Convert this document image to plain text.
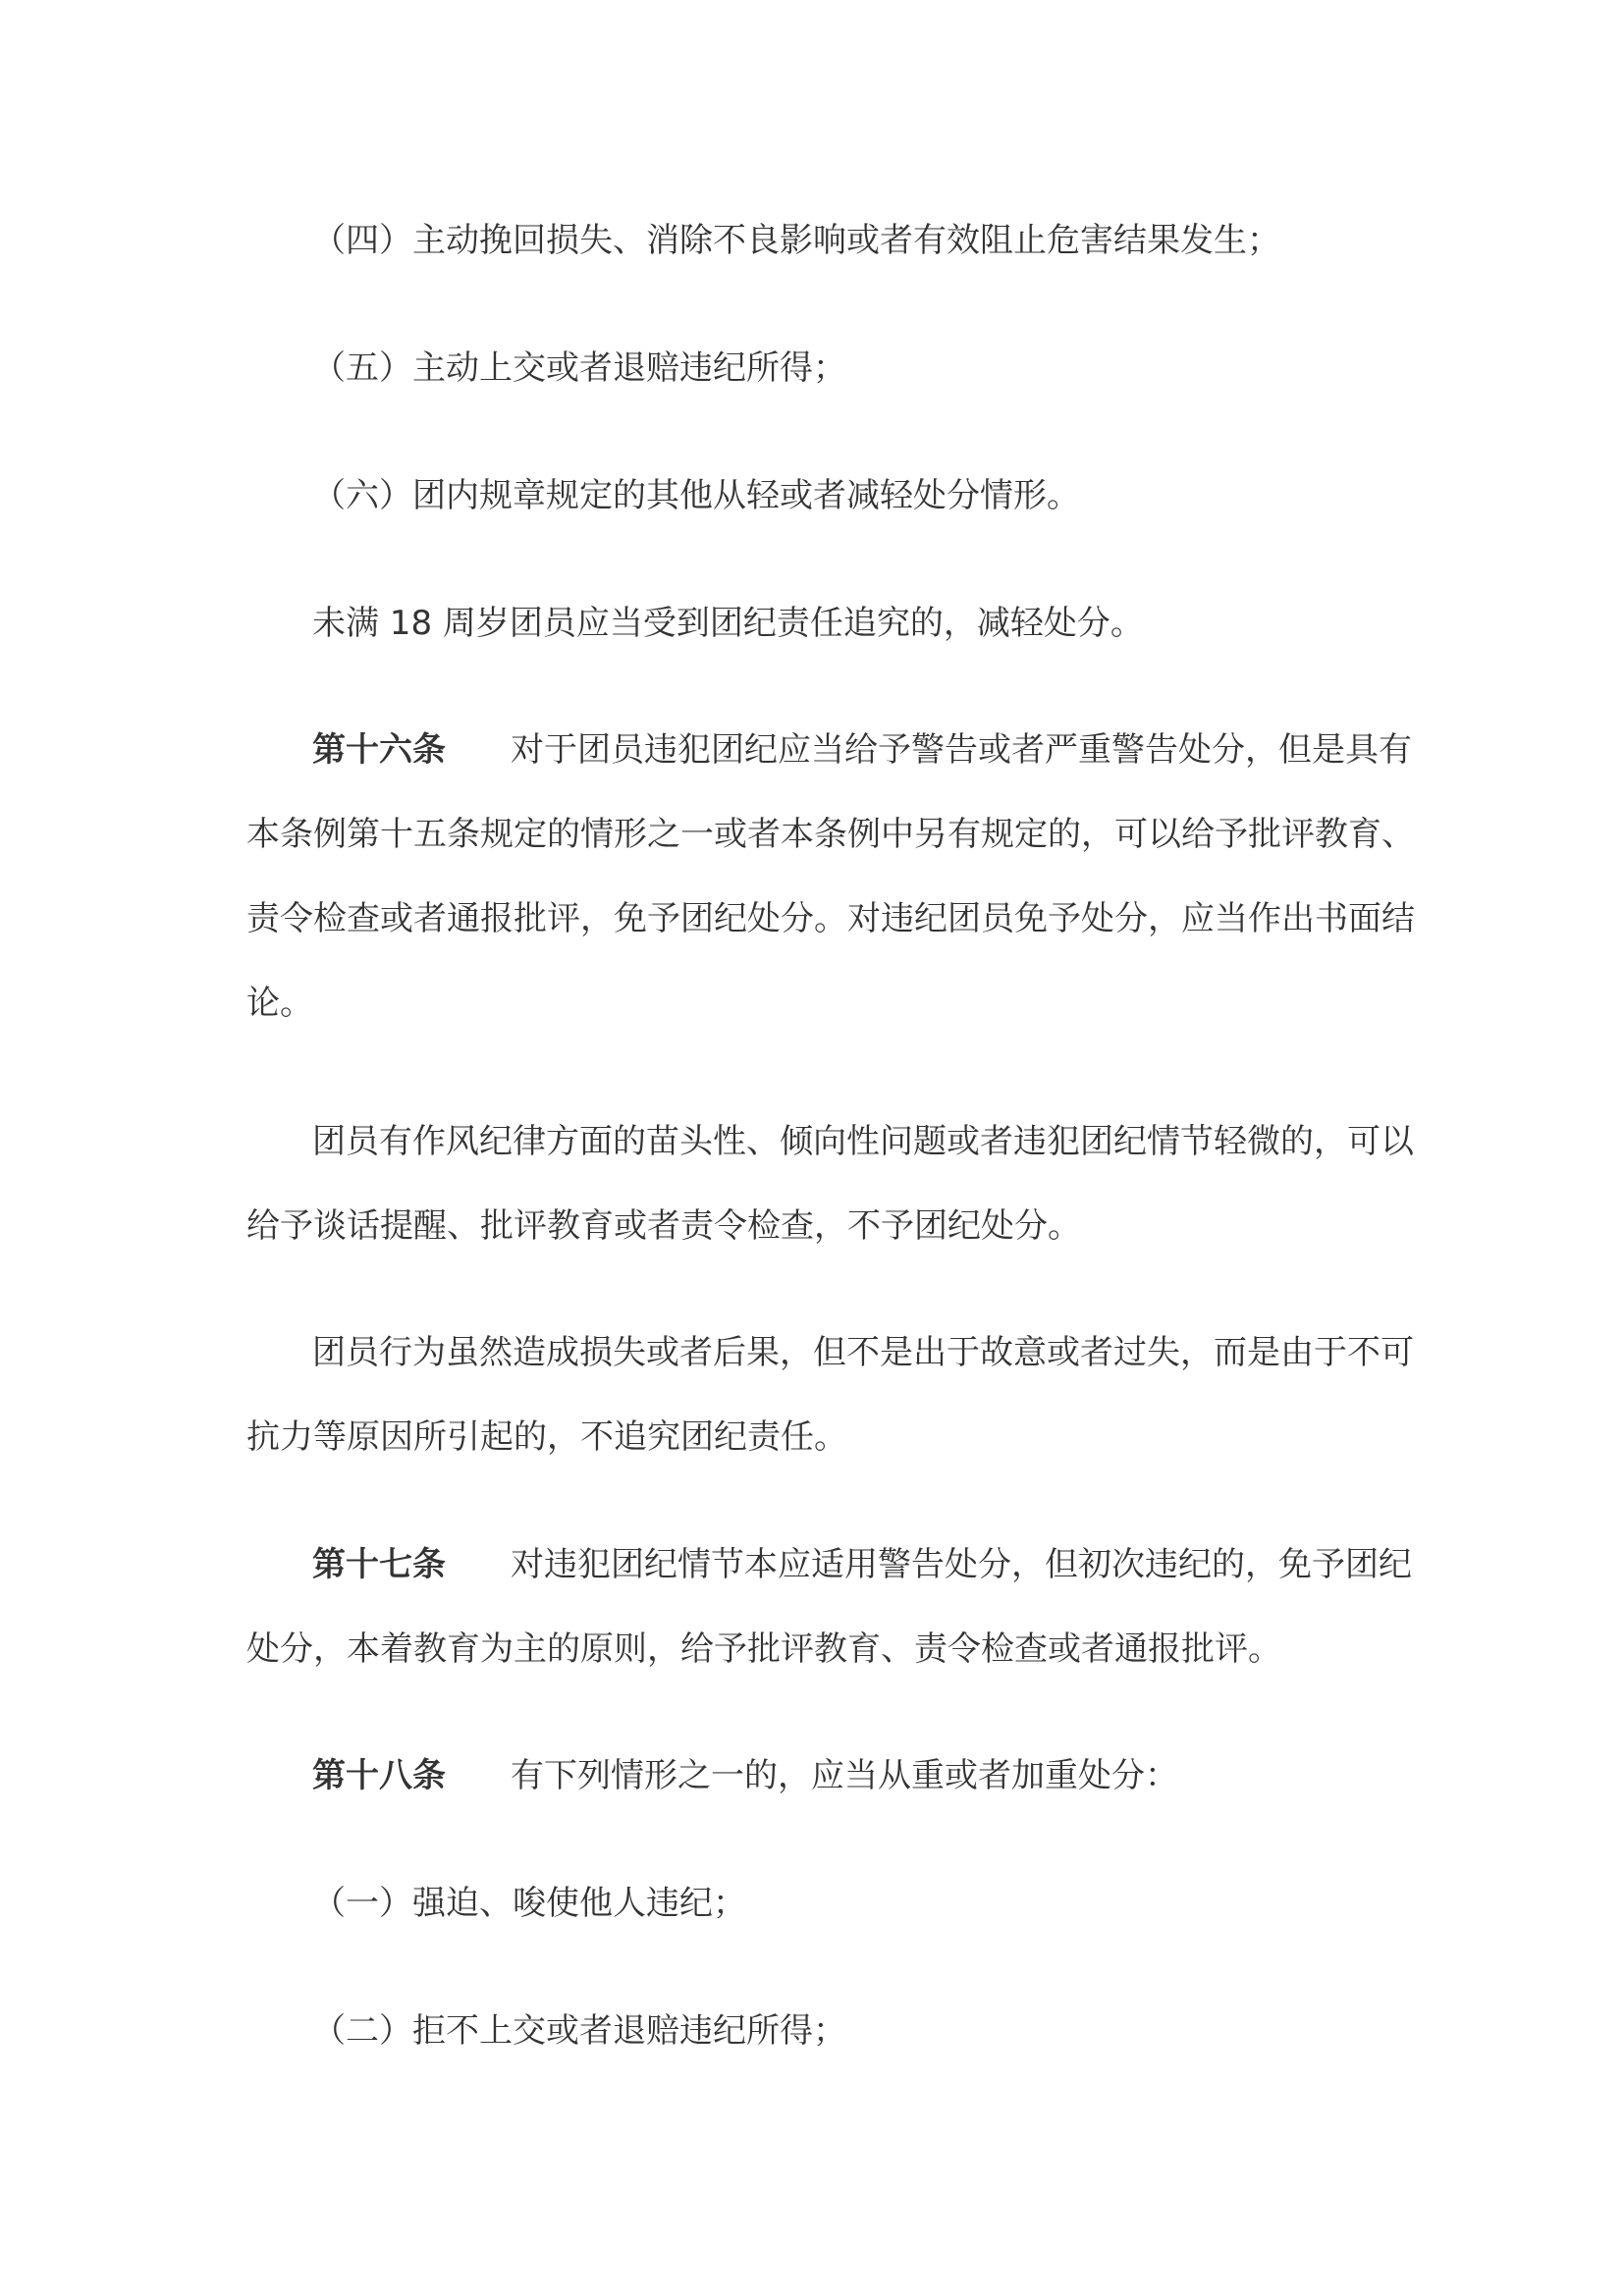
（四）主动挽回损失、消除不良影响或者有效阻止危害结果发生；
（五）主动上交或者退赔违纪所得；
（六）团内规章规定的其他从轻或者减轻处分情形。
未满 18 周岁团员应当受到团纪责任追究的，减轻处分。
第十六条 对于团员违犯团纪应当给予警告或者严重警告处分，但是具有
本条例第十五条规定的情形之一或者本条例中另有规定的，可以给予批评教育、
责令检查或者通报批评，免予团纪处分。对违纪团员免予处分，应当作出书面结
论。
团员有作风纪律方面的苗头性、倾向性问题或者违犯团纪情节轻微的，可以
给予谈话提醒、批评教育或者责令检查，不予团纪处分。
团员行为虽然造成损失或者后果，但不是出于故意或者过失，而是由于不可
抗力等原因所引起的，不追究团纪责任。
第十七条 对违犯团纪情节本应适用警告处分，但初次违纪的，免予团纪
处分，本着教育为主的原则，给予批评教育、责令检查或者通报批评。
第十八条 有下列情形之一的，应当从重或者加重处分：
（一）强迫、唆使他人违纪；
（二）拒不上交或者退赔违纪所得；
